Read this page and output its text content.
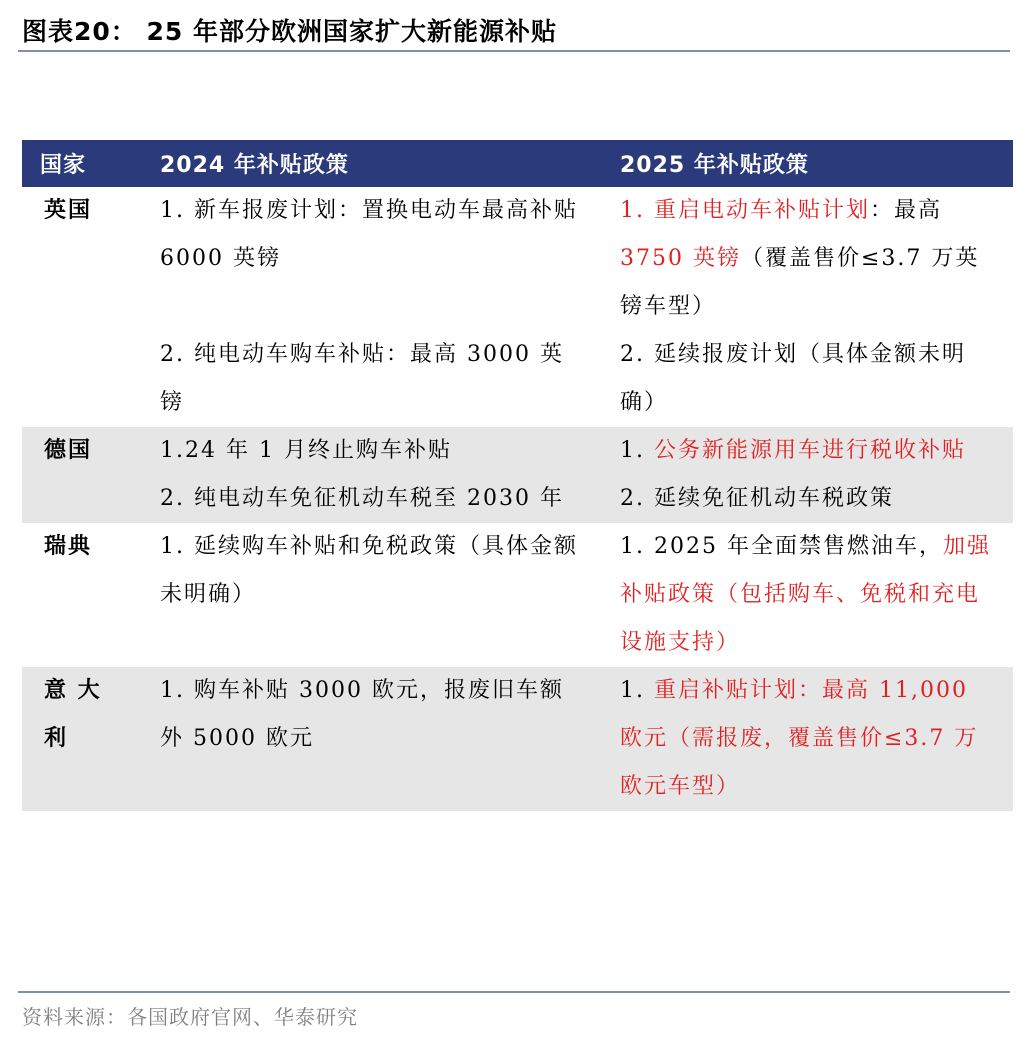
图表20： 25 年部分欧洲国家扩大新能源补贴
国家	2024 年补贴政策	2025 年补贴政策
英国	1. 新车报废计划：置换电动车最高补贴 6000 英镑	1. 重启电动车补贴计划：最高3750 英镑（覆盖售价≤3.7 万英镑车型）
	2. 纯电动车购车补贴：最高 3000 英镑	2. 延续报废计划（具体金额未明确）
德国	1.24 年 1 月终止购车补贴	1. 公务新能源用车进行税收补贴
	2. 纯电动车免征机动车税至 2030 年	2. 延续免征机动车税政策
瑞典	1. 延续购车补贴和免税政策（具体金额未明确）	1. 2025 年全面禁售燃油车，加强补贴政策（包括购车、免税和充电设施支持）
意 大利	1. 购车补贴 3000 欧元，报废旧车额外 5000 欧元	1. 重启补贴计划：最高 11,000 欧元（需报废，覆盖售价≤3.7 万欧元车型）
资料来源：各国政府官网、华泰研究
